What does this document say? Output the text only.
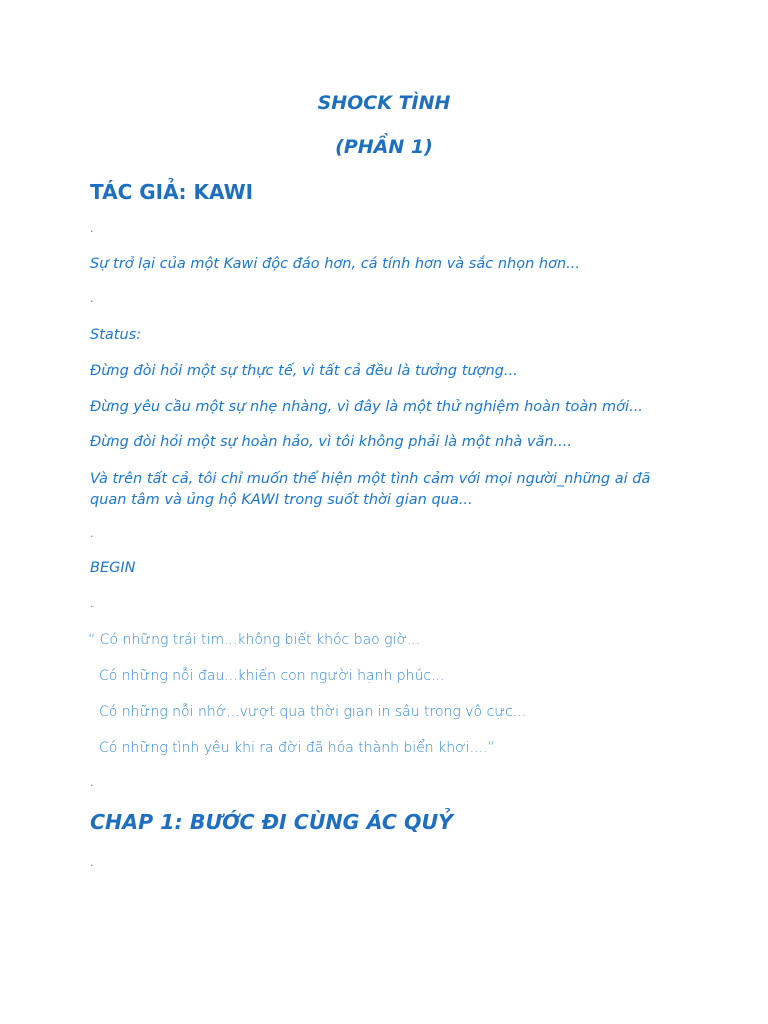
SHOCK TÌNH
(PHẦN 1)
TÁC GIẢ: KAWI
.
Sự trở lại của một Kawi độc đáo hơn, cá tính hơn và sắc nhọn hơn...
.
Status:
Đừng đòi hỏi một sự thực tế, vì tất cả đều là tưởng tượng...
Đừng yêu cầu một sự nhẹ nhàng, vì đây là một thử nghiệm hoàn toàn mới...
Đừng đòi hỏi một sự hoàn hảo, vì tôi không phải là một nhà văn....
Và trên tất cả, tôi chỉ muốn thể hiện một tình cảm với mọi người_những ai đã quan tâm và ủng hộ KAWI trong suốt thời gian qua...
.
BEGIN
.
“ Có những trái tim...không biết khóc bao giờ...
Có những nỗi đau...khiến con người hạnh phúc...
Có những nỗi nhớ...vượt qua thời gian in sâu trong vô cực...
Có những tình yêu khi ra đời đã hóa thành biển khơi....”
.
CHAP 1: BƯỚC ĐI CÙNG ÁC QUỶ
.
